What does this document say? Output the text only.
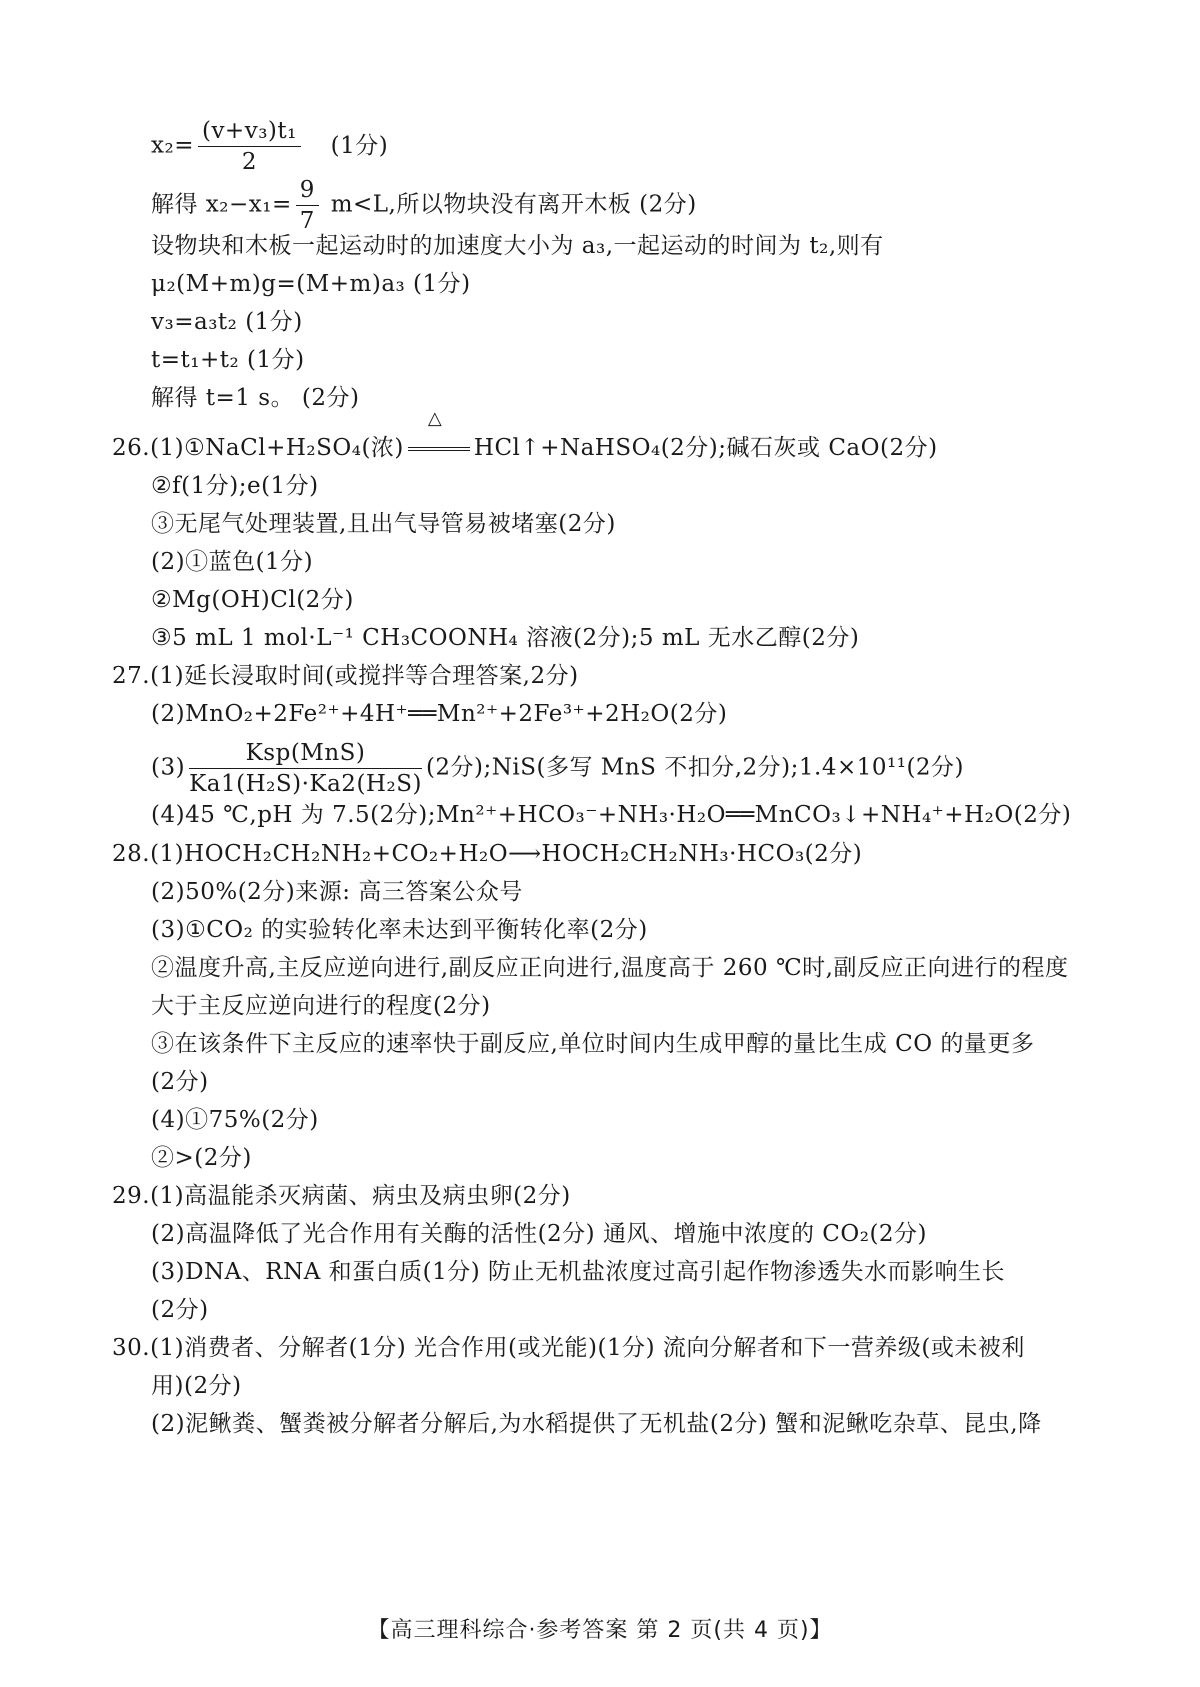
$x_2= \frac{\text{(v+v₃)t₁}}{2} (1$分)
解得 $x_2-x_1= \frac{9}{7} m<L$,所以物块没有离开木板 (2分)
设物块和木板一起运动时的加速度大小为 a₃,一起运动的时间为 t₂,则有
μ₂(M+m)g=(M+m)a₃ (1分)
v₃=a₃t₂ (1分)
t=t₁+t₂ (1分)
解得 t=1 s。 (2分)
26.(1)①NaCl+H₂SO₄(浓)
△
HCl↑+NaHSO₄(2分);碱石灰或 CaO(2分)
②f(1分);e(1分)
③无尾气处理装置,且出气导管易被堵塞(2分)
(2)①蓝色(1分)
②Mg(OH)Cl(2分)
③5 mL 1 mol·L⁻¹ CH₃COONH₄ 溶液(2分);5 mL 无水乙醇(2分)
27.(1)延长浸取时间(或搅拌等合理答案,2分)
(2)MnO₂+2Fe²⁺+4H⁺══Mn²⁺+2Fe³⁺+2H₂O(2分)
$(3) \frac{\text{Ksp(MnS)}}{\text{Ka1(H₂S)·Ka2(H₂S)}} (2$分);NiS(多写 MnS 不扣分,2分);1.4×10¹¹(2分)
(4)45 ℃,pH 为 7.5(2分);Mn²⁺+HCO₃⁻+NH₃·H₂O══MnCO₃↓+NH₄⁺+H₂O(2分)
28.(1)HOCH₂CH₂NH₂+CO₂+H₂O⟶HOCH₂CH₂NH₃·HCO₃(2分)
(2)50%(2分)来源: 高三答案公众号
(3)①CO₂ 的实验转化率未达到平衡转化率(2分)
②温度升高,主反应逆向进行,副反应正向进行,温度高于 260 ℃时,副反应正向进行的程度
大于主反应逆向进行的程度(2分)
③在该条件下主反应的速率快于副反应,单位时间内生成甲醇的量比生成 CO 的量更多
(2分)
(4)①75%(2分)
②>(2分)
29.(1)高温能杀灭病菌、病虫及病虫卵(2分)
(2)高温降低了光合作用有关酶的活性(2分) 通风、增施中浓度的 CO₂(2分)
(3)DNA、RNA 和蛋白质(1分) 防止无机盐浓度过高引起作物渗透失水而影响生长
(2分)
30.(1)消费者、分解者(1分) 光合作用(或光能)(1分) 流向分解者和下一营养级(或未被利
用)(2分)
(2)泥鳅粪、蟹粪被分解者分解后,为水稻提供了无机盐(2分) 蟹和泥鳅吃杂草、昆虫,降
【高三理科综合·参考答案 第 2 页(共 4 页)】
